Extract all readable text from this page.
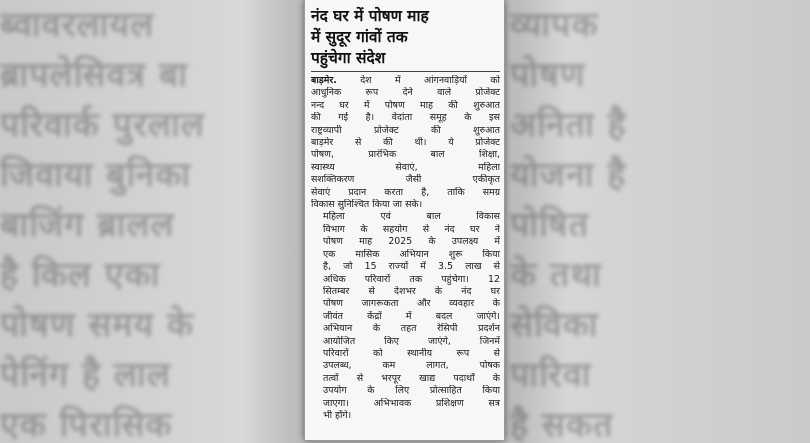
ब्वावरलायल
ब्रापलेसिवत्र बा
परिवार्क पुरलाल
जिवाया बुनिका
बाजिंग ब्रालल
है किल एका
पोषण समय के
पेनिंग है लाल
एक पिरासिक
व्यापक
पोषण
अनिता है
योजना है
पोषित
के तथा
सेविका
पारिवा
है सकत
नंद घर में पोषण माह
में सुदूर गांवों तक
पहुंचेगा संदेश

बाड़मेर. देश में आंगनवाड़ियों को
आधुनिक रूप देने वाले प्रोजेक्ट
नन्द घर में पोषण माह की शुरुआत
की गई है। वेदांता समूह के इस
राष्ट्रव्यापी प्रोजेक्ट की शुरुआत
बाड़मेर से की थी। ये प्रोजेक्ट
पोषण, प्रारंभिक बाल शिक्षा,
स्वास्थ्य सेवाएं, महिला
सशक्तिकरण जैसी एकीकृत
सेवाएं प्रदान करता है, ताकि समग्र
विकास सुनिश्चित किया जा सके।

महिला एवं बाल विकास
विभाग के सहयोग से नंद घर ने
पोषण माह 2025 के उपलक्ष्य में
एक मासिक अभियान शुरू किया
है, जो 15 राज्यों में 3.5 लाख से
अधिक परिवारों तक पहुंचेगा। 12
सितम्बर से देशभर के नंद घर
पोषण जागरूकता और व्यवहार के
जीवंत केंद्रों में बदल जाएंगे।
अभियान के तहत रेसिपी प्रदर्शन
आयोजित किए जाएंगे, जिनमें
परिवारों को स्थानीय रूप से
उपलब्ध, कम लागत, पोषक
तत्वों से भरपूर खाद्य पदार्थों के
उपयोग के लिए प्रोत्साहित किया
जाएगा। अभिभावक प्रशिक्षण सत्र
भी होंगे।
